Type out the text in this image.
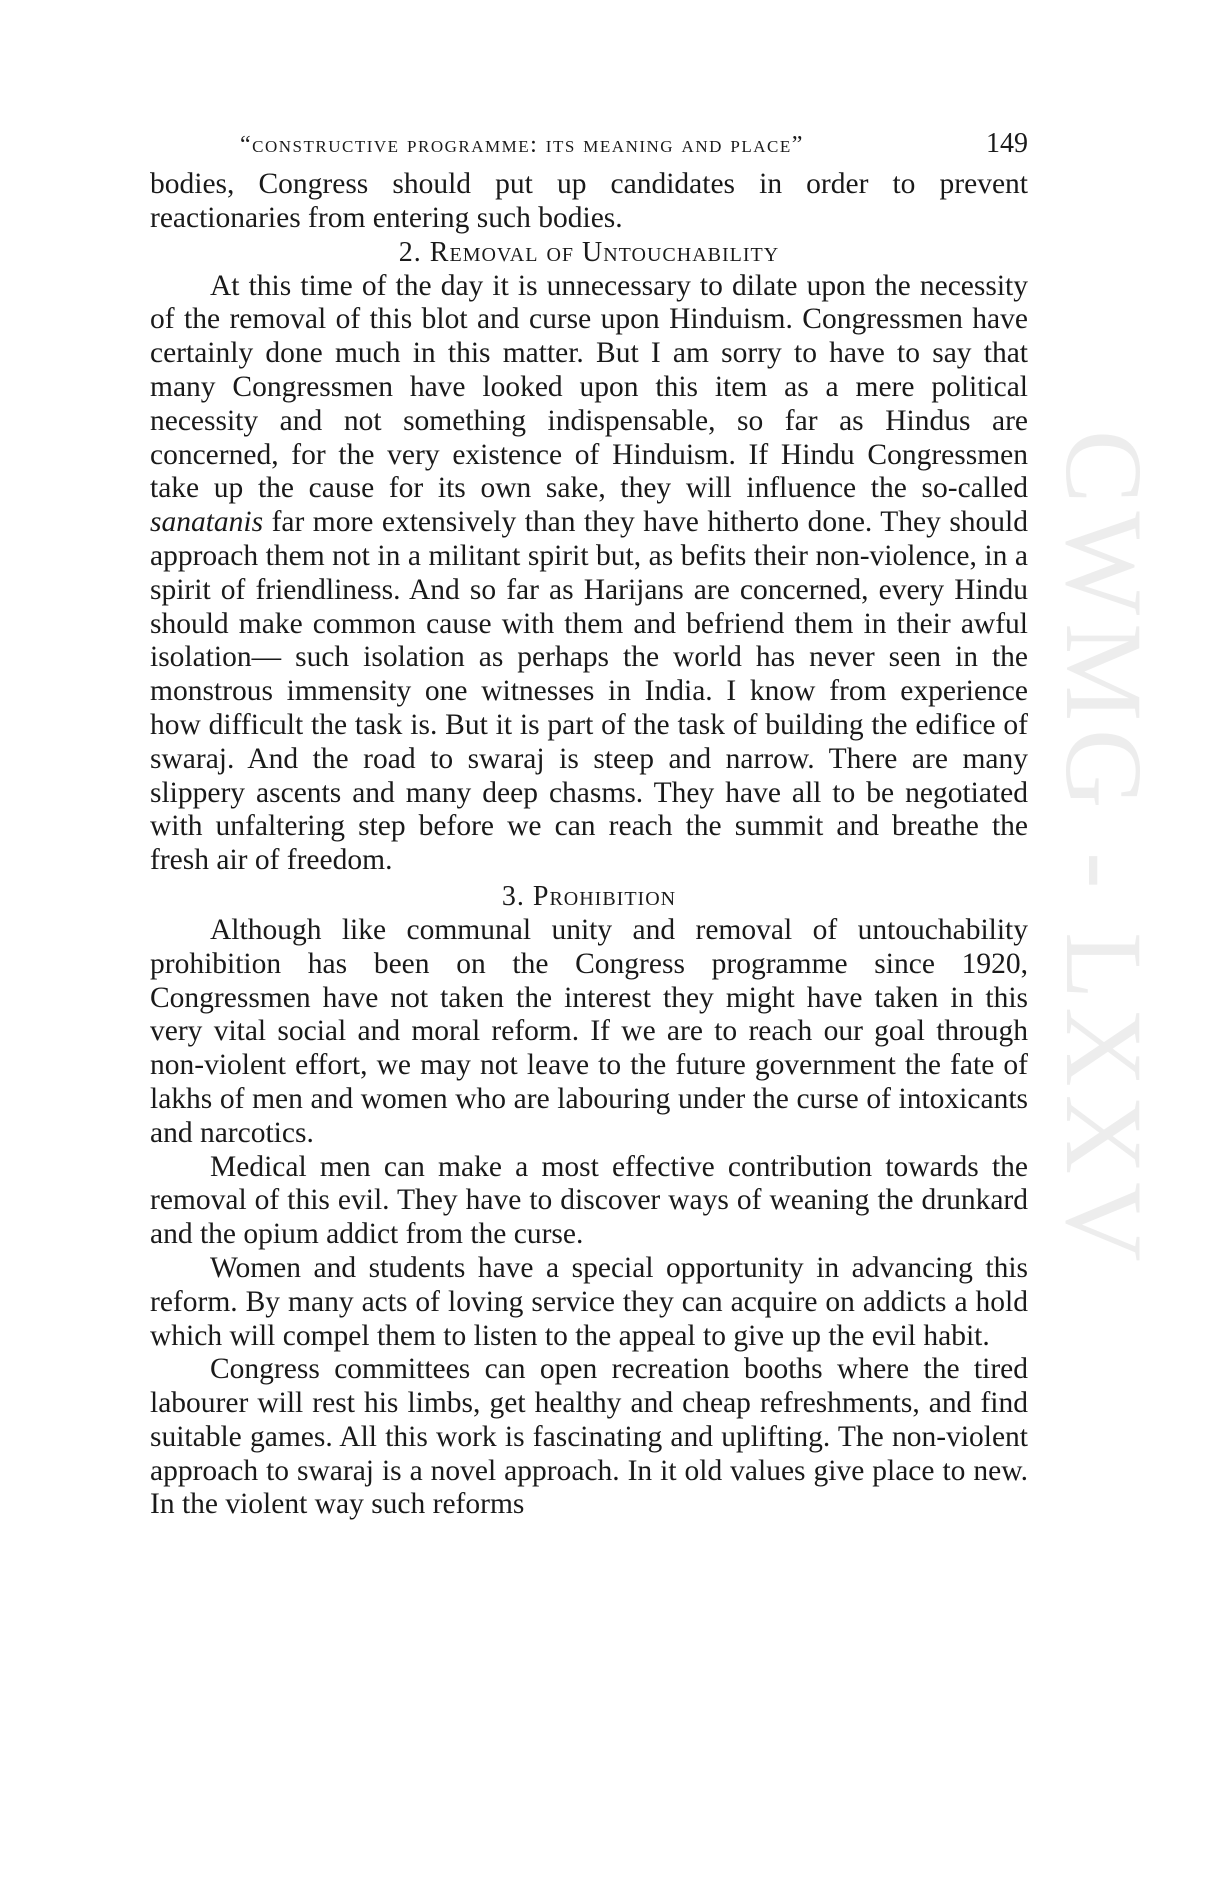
CWMG - LXXV
“constructive programme: its meaning and place”	149

bodies, Congress should put up candidates in order to prevent reactionaries from entering such bodies.

2. Removal of Untouchability

At this time of the day it is unnecessary to dilate upon the necessity of the removal of this blot and curse upon Hinduism. Congressmen have certainly done much in this matter. But I am sorry to have to say that many Congressmen have looked upon this item as a mere political necessity and not something indispensable, so far as Hindus are concerned, for the very existence of Hinduism. If Hindu Congressmen take up the cause for its own sake, they will influence the so-called sanatanis far more extensively than they have hitherto done. They should approach them not in a militant spirit but, as befits their non-violence, in a spirit of friendliness. And so far as Harijans are concerned, every Hindu should make common cause with them and befriend them in their awful isolation— such isolation as perhaps the world has never seen in the monstrous immensity one witnesses in India. I know from experience how difficult the task is. But it is part of the task of building the edifice of swaraj. And the road to swaraj is steep and narrow. There are many slippery ascents and many deep chasms. They have all to be negotiated with unfaltering step before we can reach the summit and breathe the fresh air of freedom.

3. Prohibition

Although like communal unity and removal of untouchability prohibition has been on the Congress programme since 1920, Congressmen have not taken the interest they might have taken in this very vital social and moral reform. If we are to reach our goal through non-violent effort, we may not leave to the future government the fate of lakhs of men and women who are labouring under the curse of intoxicants and narcotics.

Medical men can make a most effective contribution towards the removal of this evil. They have to discover ways of weaning the drunkard and the opium addict from the curse.

Women and students have a special opportunity in advancing this reform. By many acts of loving service they can acquire on addicts a hold which will compel them to listen to the appeal to give up the evil habit.

Congress committees can open recreation booths where the tired labourer will rest his limbs, get healthy and cheap refreshments, and find suitable games. All this work is fascinating and uplifting. The non-violent approach to swaraj is a novel approach. In it old values give place to new. In the violent way such reforms
